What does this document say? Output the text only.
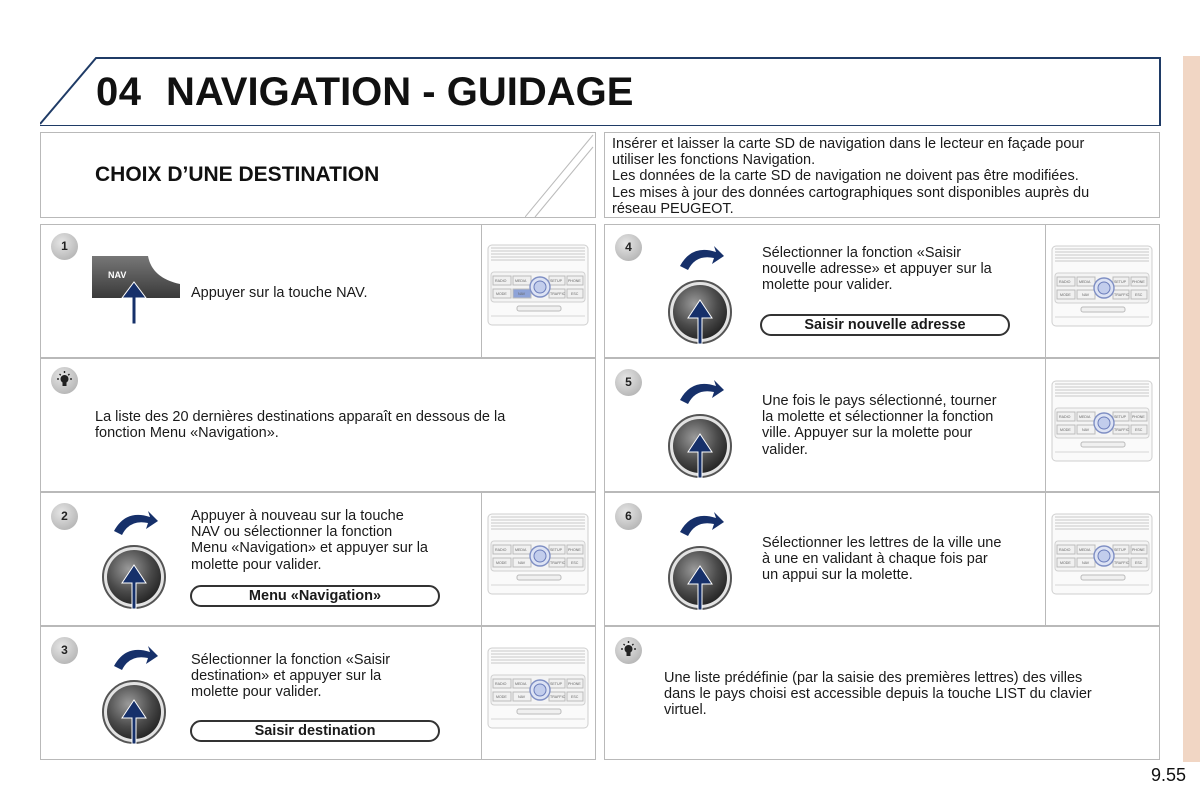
04 NAVIGATION - GUIDAGE
CHOIX D’UNE DESTINATION
Insérer et laisser la carte SD de navigation dans le lecteur en façade pour
utiliser les fonctions Navigation.
Les données de la carte SD de navigation ne doivent pas être modifiées.
Les mises à jour des données cartographiques sont disponibles auprès du
réseau PEUGEOT.
1
NAV
Appuyer sur la touche NAV.
La liste des 20 dernières destinations apparaît en dessous de la
fonction Menu «Navigation».
2	Appuyer à nouveau sur la touche
NAV ou sélectionner la fonction
Menu «Navigation» et appuyer sur la
molette pour valider.
Menu «Navigation»
3
Sélectionner la fonction «Saisir
destination» et appuyer sur la
molette pour valider.
Saisir destination
4	Sélectionner la fonction «Saisir
nouvelle adresse» et appuyer sur la
molette pour valider.
Saisir nouvelle adresse
5
Une fois le pays sélectionné, tourner
la molette et sélectionner la fonction
ville. Appuyer sur la molette pour
valider.
6
Sélectionner les lettres de la ville une
à une en validant à chaque fois par
un appui sur la molette.
Une liste prédéfinie (par la saisie des premières lettres) des villes
dans le pays choisi est accessible depuis la touche LIST du clavier
virtuel.
RADIO MEDIA	SETUP PHONE
MODE	NAV	TRAFFIC ESC
RADIO MEDIA	SETUP PHONE
MODE	NAV	TRAFFIC ESC
RADIO MEDIA	SETUP PHONE
MODE	NAV	TRAFFIC ESC
RADIO MEDIA	SETUP PHONE
MODE	NAV	TRAFFIC ESC
RADIO MEDIA	SETUP PHONE
MODE	NAV	TRAFFIC ESC
RADIO MEDIA	SETUP PHONE
MODE	NAV	TRAFFIC ESC
9.55
